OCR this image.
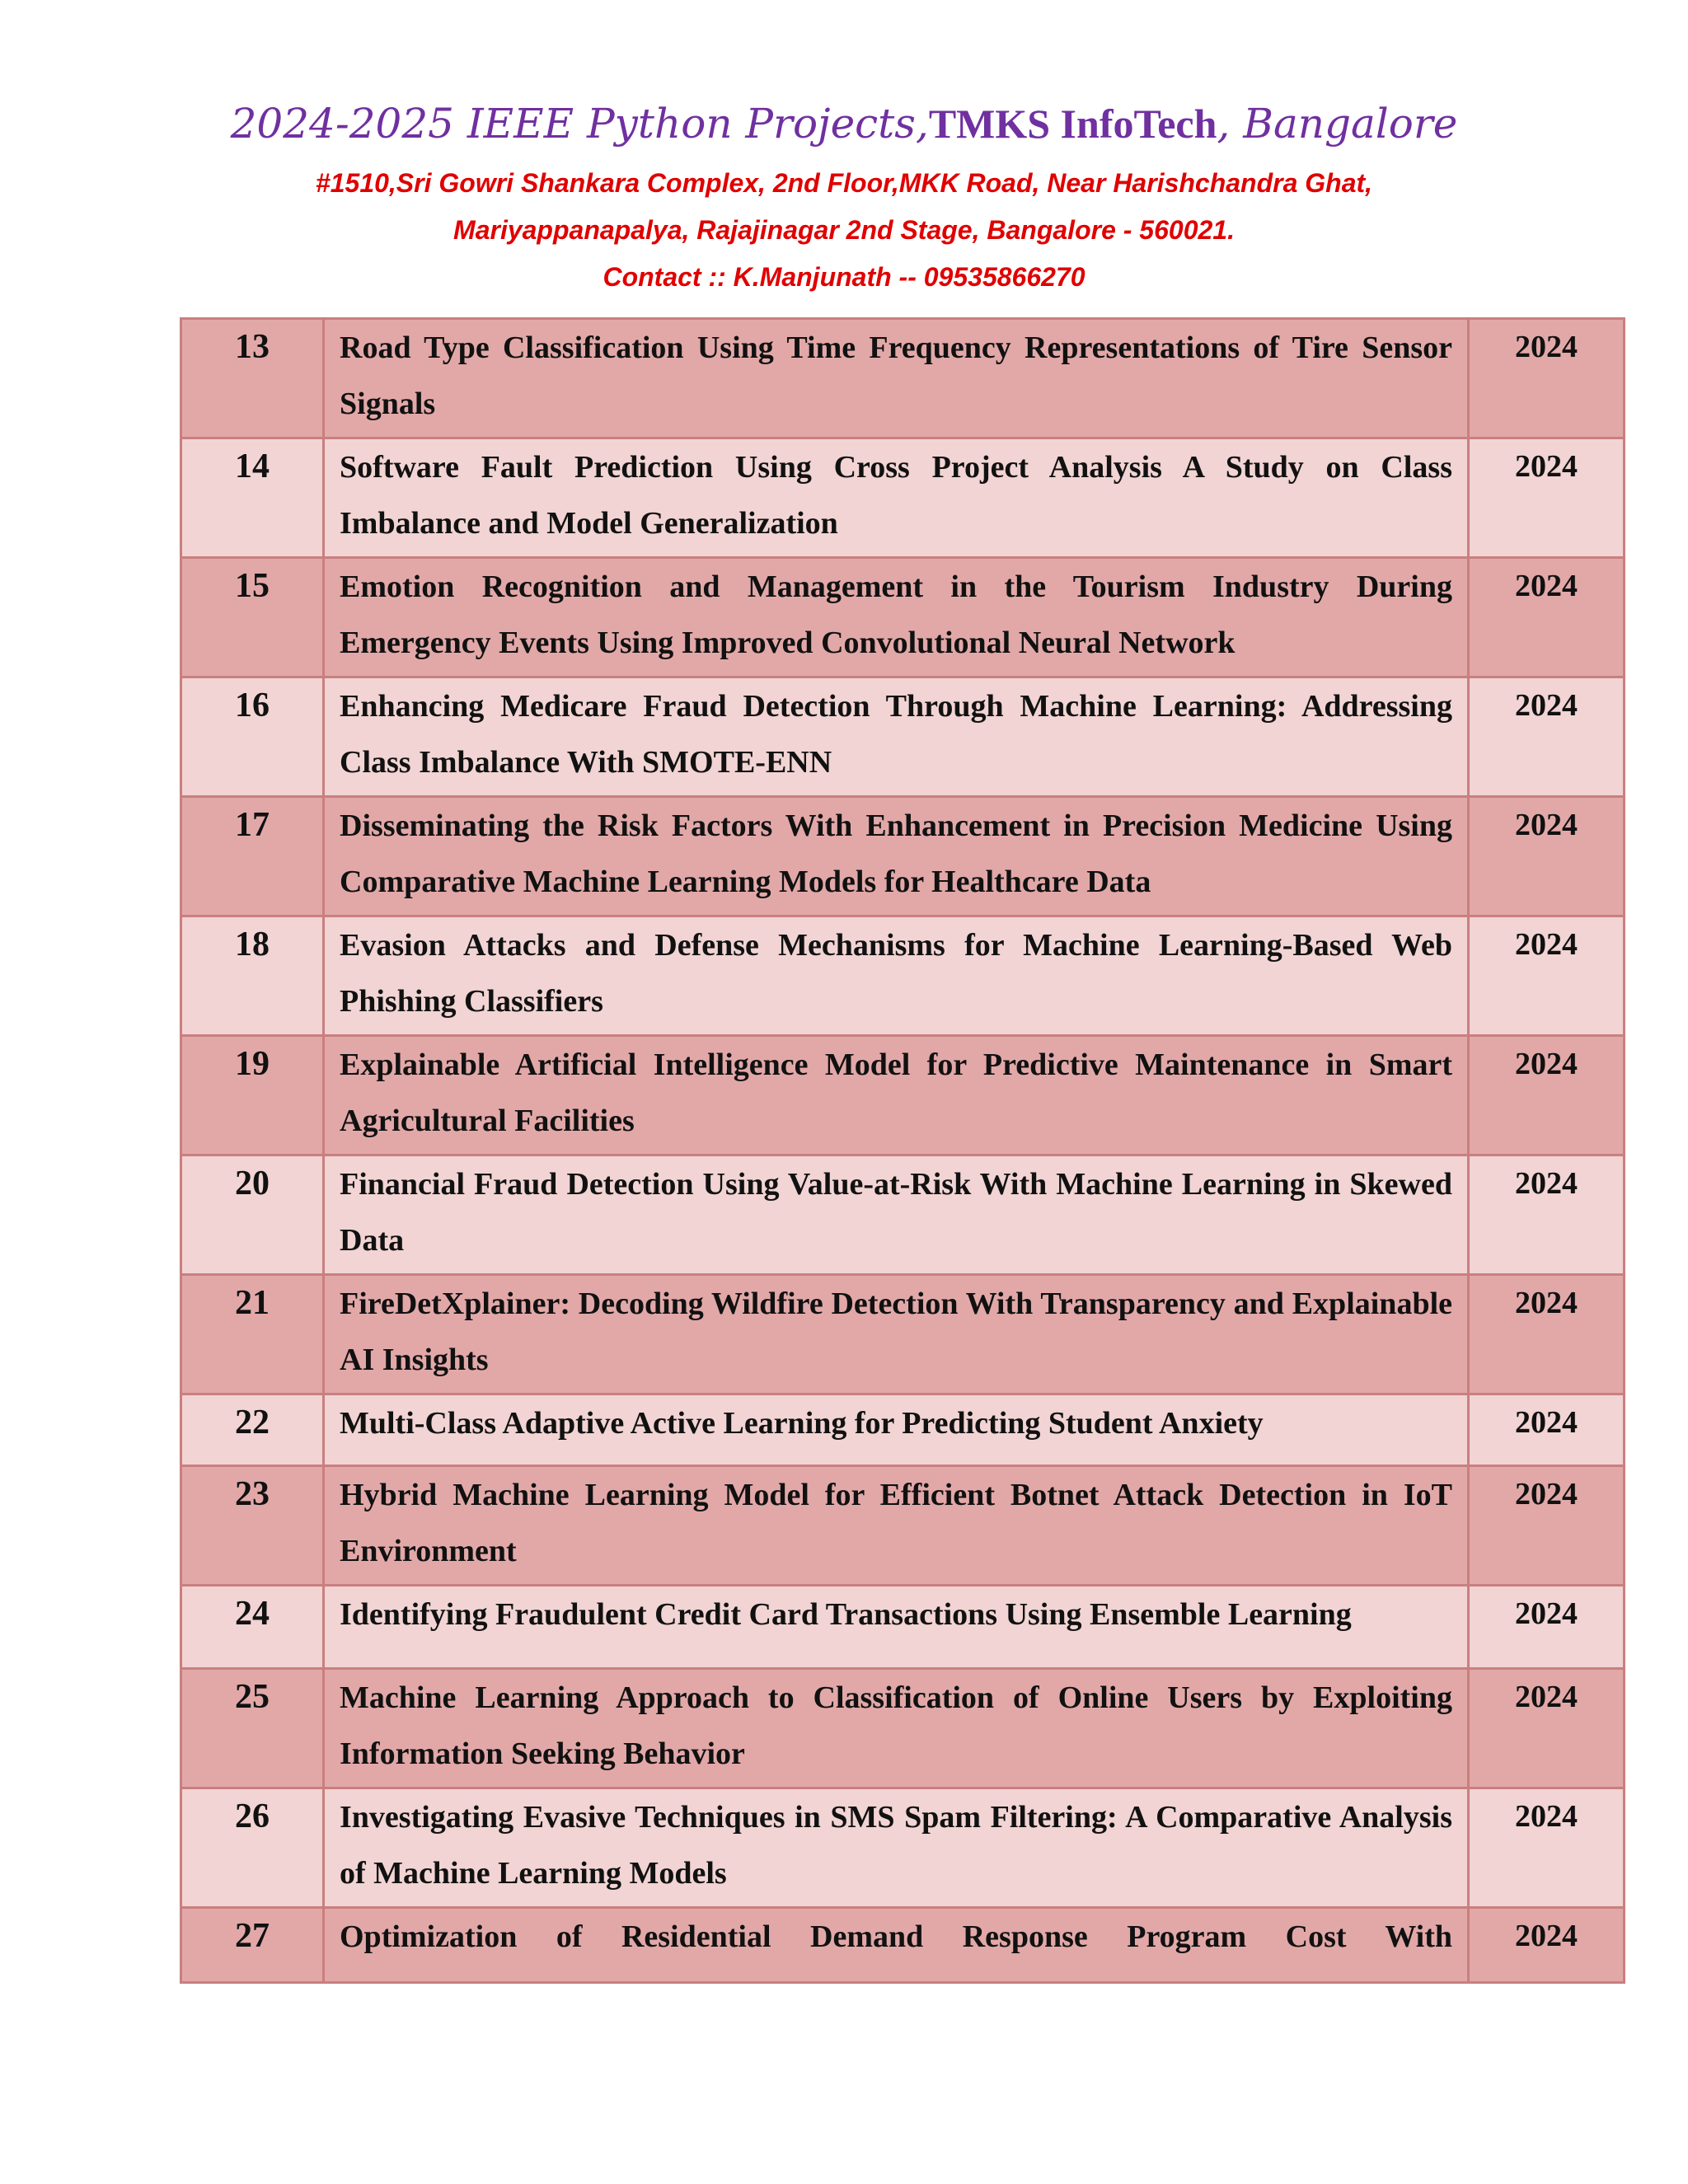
2024-2025 IEEE Python Projects,TMKS InfoTech, Bangalore
#1510,Sri Gowri Shankara Complex, 2nd Floor,MKK Road, Near Harishchandra Ghat,
Mariyappanapalya, Rajajinagar 2nd Stage, Bangalore - 560021.
Contact :: K.Manjunath -- 09535866270
13	Road Type Classification Using Time Frequency Representations of Tire Sensor Signals	2024
14	Software Fault Prediction Using Cross Project Analysis A Study on Class Imbalance and Model Generalization	2024
15	Emotion Recognition and Management in the Tourism Industry During Emergency Events Using Improved Convolutional Neural Network	2024
16	Enhancing Medicare Fraud Detection Through Machine Learning: Addressing Class Imbalance With SMOTE-ENN	2024
17	Disseminating the Risk Factors With Enhancement in Precision Medicine Using Comparative Machine Learning Models for Healthcare Data	2024
18	Evasion Attacks and Defense Mechanisms for Machine Learning-Based Web Phishing Classifiers	2024
19	Explainable Artificial Intelligence Model for Predictive Maintenance in Smart Agricultural Facilities	2024
20	Financial Fraud Detection Using Value-at-Risk With Machine Learning in Skewed Data	2024
21	FireDetXplainer: Decoding Wildfire Detection With Transparency and Explainable AI Insights	2024
22	Multi-Class Adaptive Active Learning for Predicting Student Anxiety	2024
23	Hybrid Machine Learning Model for Efficient Botnet Attack Detection in IoT Environment	2024
24	Identifying Fraudulent Credit Card Transactions Using Ensemble Learning	2024
25	Machine Learning Approach to Classification of Online Users by Exploiting Information Seeking Behavior	2024
26	Investigating Evasive Techniques in SMS Spam Filtering: A Comparative Analysis of Machine Learning Models	2024
27	Optimization of Residential Demand Response Program Cost With	2024
